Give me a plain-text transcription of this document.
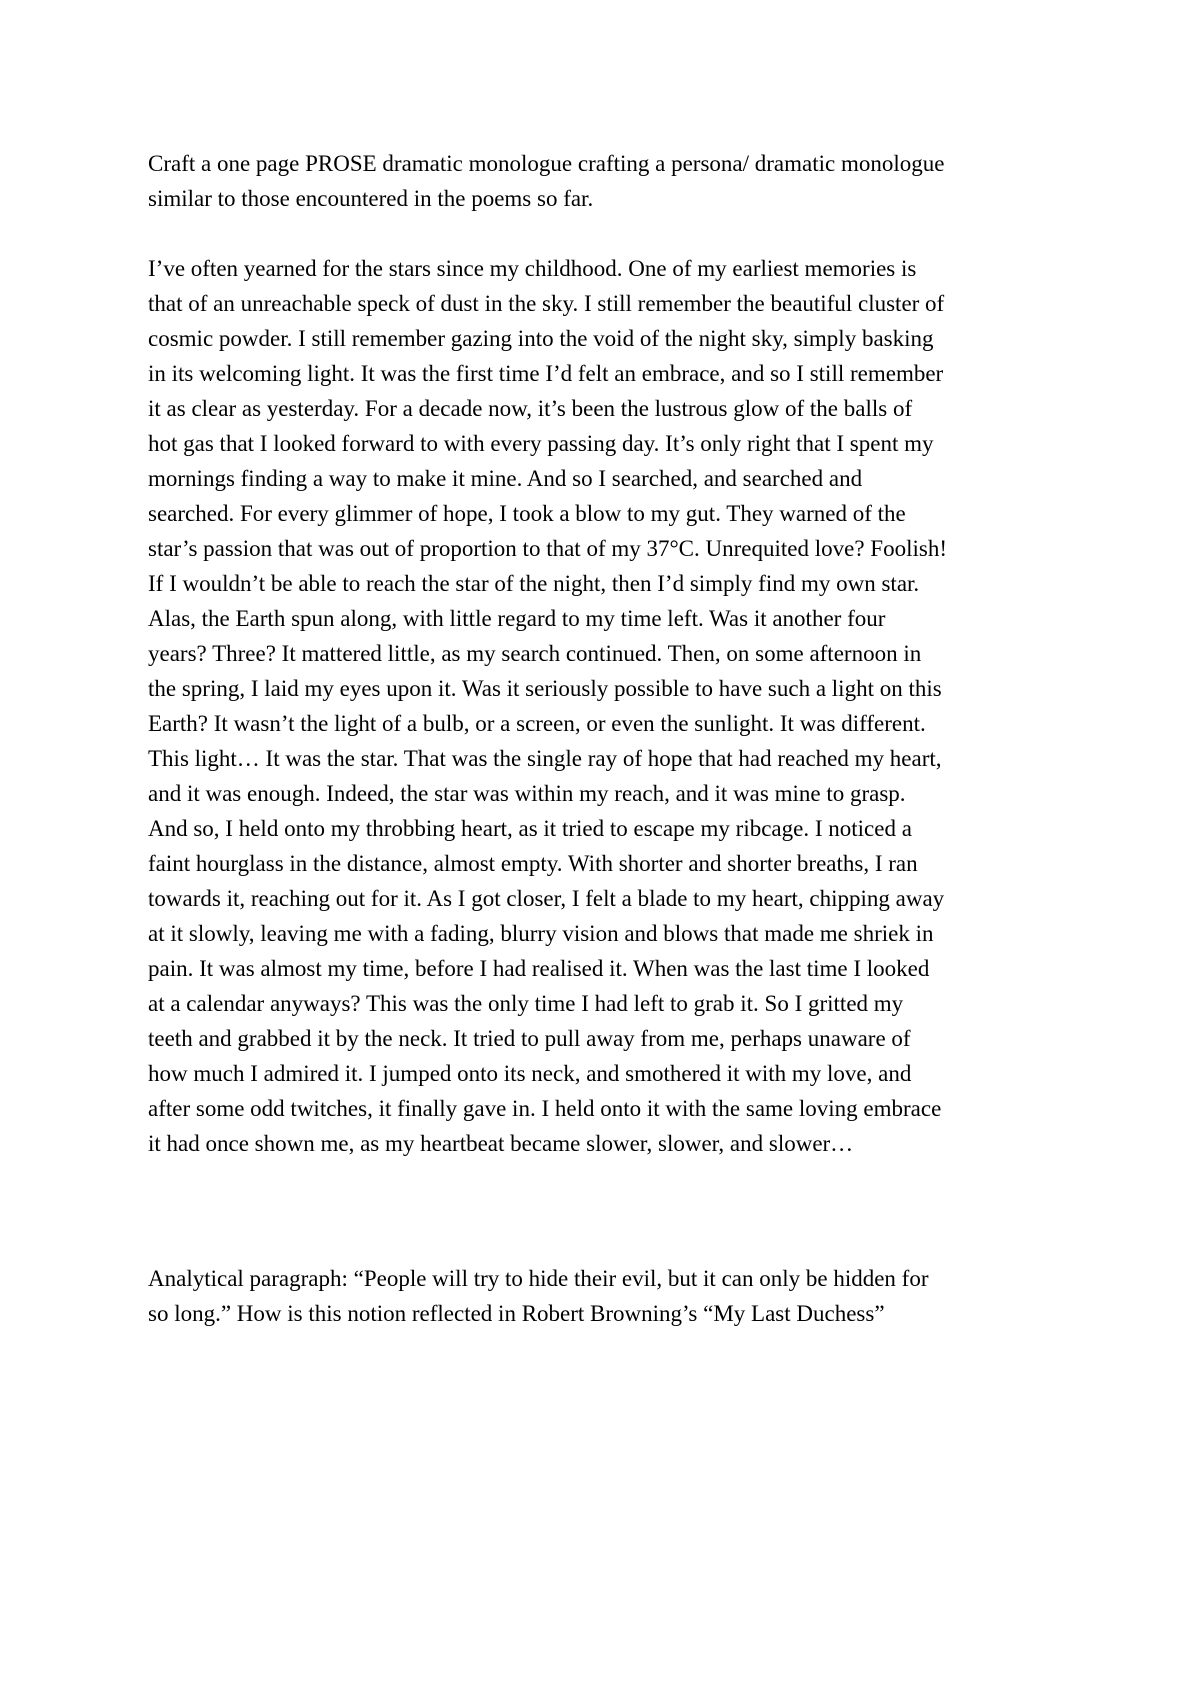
Craft a one page PROSE dramatic monologue crafting a persona/ dramatic monologue
similar to those encountered in the poems so far.

I’ve often yearned for the stars since my childhood. One of my earliest memories is
that of an unreachable speck of dust in the sky. I still remember the beautiful cluster of
cosmic powder. I still remember gazing into the void of the night sky, simply basking
in its welcoming light. It was the first time I’d felt an embrace, and so I still remember
it as clear as yesterday. For a decade now, it’s been the lustrous glow of the balls of
hot gas that I looked forward to with every passing day. It’s only right that I spent my
mornings finding a way to make it mine. And so I searched, and searched and
searched. For every glimmer of hope, I took a blow to my gut. They warned of the
star’s passion that was out of proportion to that of my 37°C. Unrequited love? Foolish!
If I wouldn’t be able to reach the star of the night, then I’d simply find my own star.
Alas, the Earth spun along, with little regard to my time left. Was it another four
years? Three? It mattered little, as my search continued. Then, on some afternoon in
the spring, I laid my eyes upon it. Was it seriously possible to have such a light on this
Earth? It wasn’t the light of a bulb, or a screen, or even the sunlight. It was different.
This light… It was the star. That was the single ray of hope that had reached my heart,
and it was enough. Indeed, the star was within my reach, and it was mine to grasp.
And so, I held onto my throbbing heart, as it tried to escape my ribcage. I noticed a
faint hourglass in the distance, almost empty. With shorter and shorter breaths, I ran
towards it, reaching out for it. As I got closer, I felt a blade to my heart, chipping away
at it slowly, leaving me with a fading, blurry vision and blows that made me shriek in
pain. It was almost my time, before I had realised it. When was the last time I looked
at a calendar anyways? This was the only time I had left to grab it. So I gritted my
teeth and grabbed it by the neck. It tried to pull away from me, perhaps unaware of
how much I admired it. I jumped onto its neck, and smothered it with my love, and
after some odd twitches, it finally gave in. I held onto it with the same loving embrace
it had once shown me, as my heartbeat became slower, slower, and slower…

Analytical paragraph: “People will try to hide their evil, but it can only be hidden for
so long.” How is this notion reflected in Robert Browning’s “My Last Duchess”
